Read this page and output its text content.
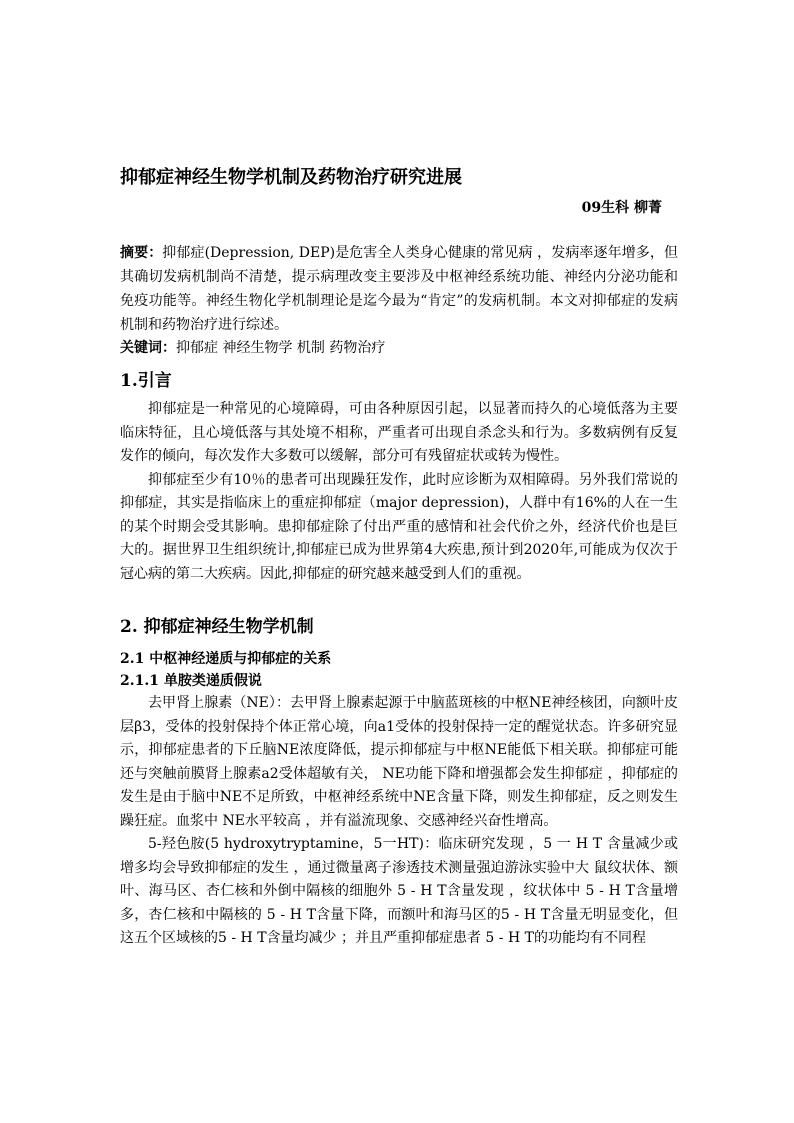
抑郁症神经生物学机制及药物治疗研究进展
09生科 柳菁
摘要：抑郁症(Depression, DEP)是危害全人类身心健康的常见病 ，发病率逐年增多，但其确切发病机制尚不清楚，提示病理改变主要涉及中枢神经系统功能、神经内分泌功能和免疫功能等。神经生物化学机制理论是迄今最为“肯定”的发病机制。本文对抑郁症的发病机制和药物治疗进行综述。
关键词：抑郁症 神经生物学 机制 药物治疗
1.引言

抑郁症是一种常见的心境障碍，可由各种原因引起，以显著而持久的心境低落为主要临床特征，且心境低落与其处境不相称，严重者可出现自杀念头和行为。多数病例有反复发作的倾向，每次发作大多数可以缓解，部分可有残留症状或转为慢性。

抑郁症至少有10％的患者可出现躁狂发作，此时应诊断为双相障碍。另外我们常说的抑郁症，其实是指临床上的重症抑郁症（major depression)，人群中有16%的人在一生的某个时期会受其影响。患抑郁症除了付出严重的感情和社会代价之外，经济代价也是巨大的。据世界卫生组织统计,抑郁症已成为世界第4大疾患,预计到2020年,可能成为仅次于冠心病的第二大疾病。因此,抑郁症的研究越来越受到人们的重视。

2. 抑郁症神经生物学机制
2.1 中枢神经递质与抑郁症的关系
2.1.1 单胺类递质假说

去甲肾上腺素（NE）：去甲肾上腺素起源于中脑蓝斑核的中枢NE神经核团，向额叶皮层β3，受体的投射保持个体正常心境，向a1受体的投射保持一定的醒觉状态。许多研究显示，抑郁症患者的下丘脑NE浓度降低，提示抑郁症与中枢NE能低下相关联。抑郁症可能还与突触前膜肾上腺素a2受体超敏有关， NE功能下降和增强都会发生抑郁症 ，抑郁症的发生是由于脑中NE不足所致，中枢神经系统中NE含量下降，则发生抑郁症，反之则发生躁狂症。血浆中 NE水平较高 ，并有溢流现象、交感神经兴奋性增高。

5-羟色胺(5 hydroxytryptamine，5一HT)：临床研究发现 ，5 一 H T 含量减少或增多均会导致抑郁症的发生 ，通过微量离子渗透技术测量强迫游泳实验中大 鼠纹状体、额叶、海马区、杏仁核和外倒中隔核的细胞外 5 - H T含量发现 ，纹状体中 5 - H T含量增多，杏仁核和中隔核的 5 - H T含量下降，而额叶和海马区的5 - H T含量无明显变化，但这五个区域核的5 - H T含量均减少 ；并且严重抑郁症患者 5 - H T的功能均有不同程
